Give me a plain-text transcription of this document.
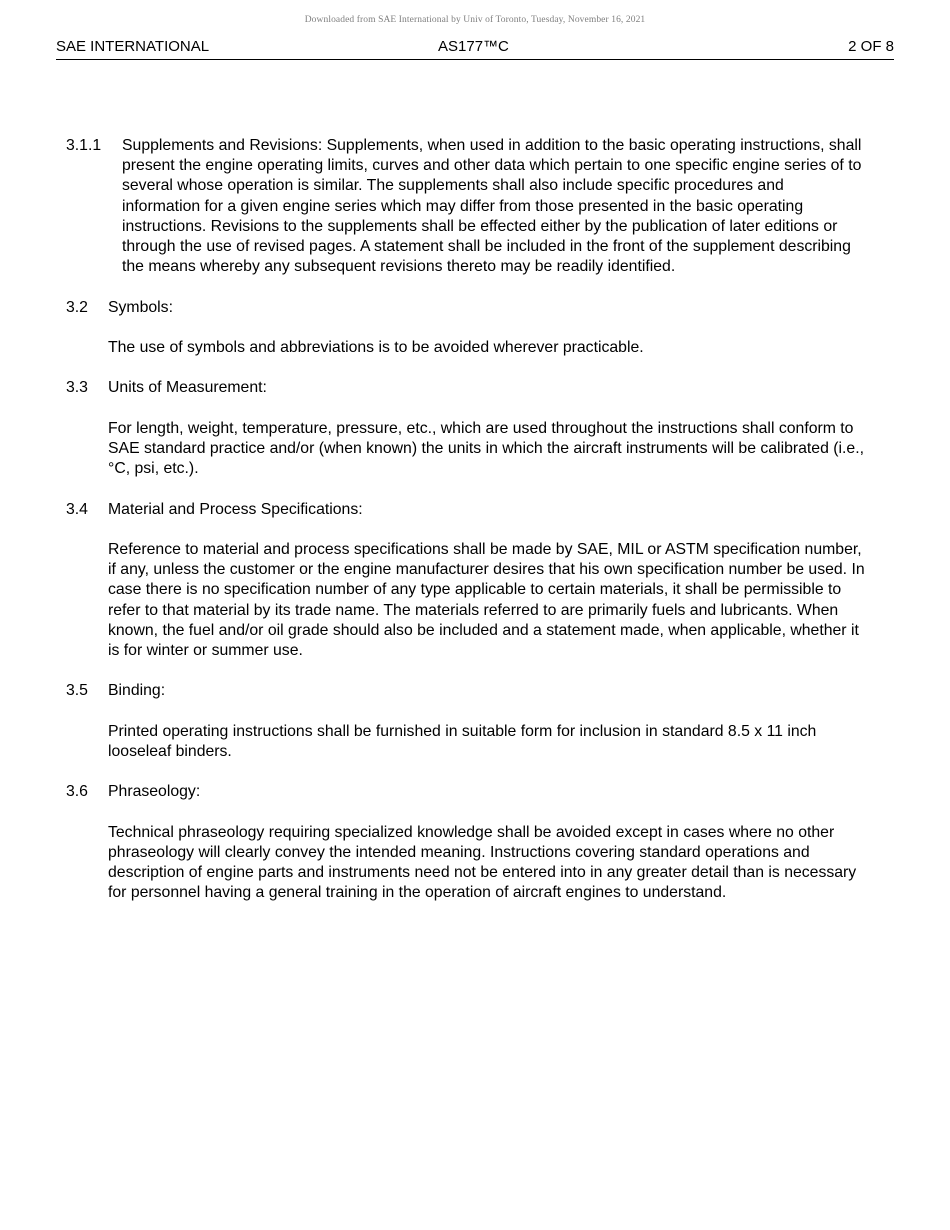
Downloaded from SAE International by Univ of Toronto, Tuesday, November 16, 2021
SAE INTERNATIONAL	AS177™C	2 OF 8
3.1.1 Supplements and Revisions: Supplements, when used in addition to the basic operating instructions, shall present the engine operating limits, curves and other data which pertain to one specific engine series of to several whose operation is similar. The supplements shall also include specific procedures and information for a given engine series which may differ from those presented in the basic operating instructions. Revisions to the supplements shall be effected either by the publication of later editions or through the use of revised pages. A statement shall be included in the front of the supplement describing the means whereby any subsequent revisions thereto may be readily identified.
3.2 Symbols:
The use of symbols and abbreviations is to be avoided wherever practicable.
3.3 Units of Measurement:
For length, weight, temperature, pressure, etc., which are used throughout the instructions shall conform to SAE standard practice and/or (when known) the units in which the aircraft instruments will be calibrated (i.e., °C, psi, etc.).
3.4 Material and Process Specifications:
Reference to material and process specifications shall be made by SAE, MIL or ASTM specification number, if any, unless the customer or the engine manufacturer desires that his own specification number be used. In case there is no specification number of any type applicable to certain materials, it shall be permissible to refer to that material by its trade name. The materials referred to are primarily fuels and lubricants. When known, the fuel and/or oil grade should also be included and a statement made, when applicable, whether it is for winter or summer use.
3.5 Binding:
Printed operating instructions shall be furnished in suitable form for inclusion in standard 8.5 x 11 inch looseleaf binders.
3.6 Phraseology:
Technical phraseology requiring specialized knowledge shall be avoided except in cases where no other phraseology will clearly convey the intended meaning. Instructions covering standard operations and description of engine parts and instruments need not be entered into in any greater detail than is necessary for personnel having a general training in the operation of aircraft engines to understand.
